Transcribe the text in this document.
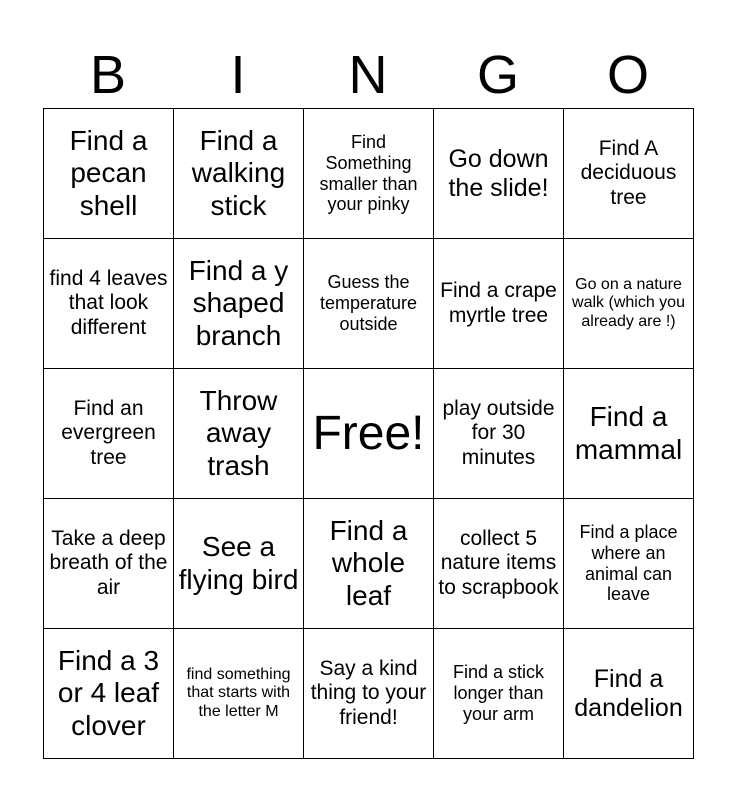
B	I	N	G	O
Find a pecan shell	Find a walking stick	Find Something smaller than your pinky	Go down the slide!	Find A deciduous tree
find 4 leaves that look different	Find a y shaped branch	Guess the temperature outside	Find a crape myrtle tree	Go on a nature walk (which you already are !)
Find an evergreen tree	Throw away trash	Free!	play outside for 30 minutes	Find a mammal
Take a deep breath of the air	See a flying bird	Find a whole leaf	collect 5 nature items to scrapbook	Find a place where an animal can leave
Find a 3 or 4 leaf clover	find something that starts with the letter M	Say a kind thing to your friend!	Find a stick longer than your arm	Find a dandelion
